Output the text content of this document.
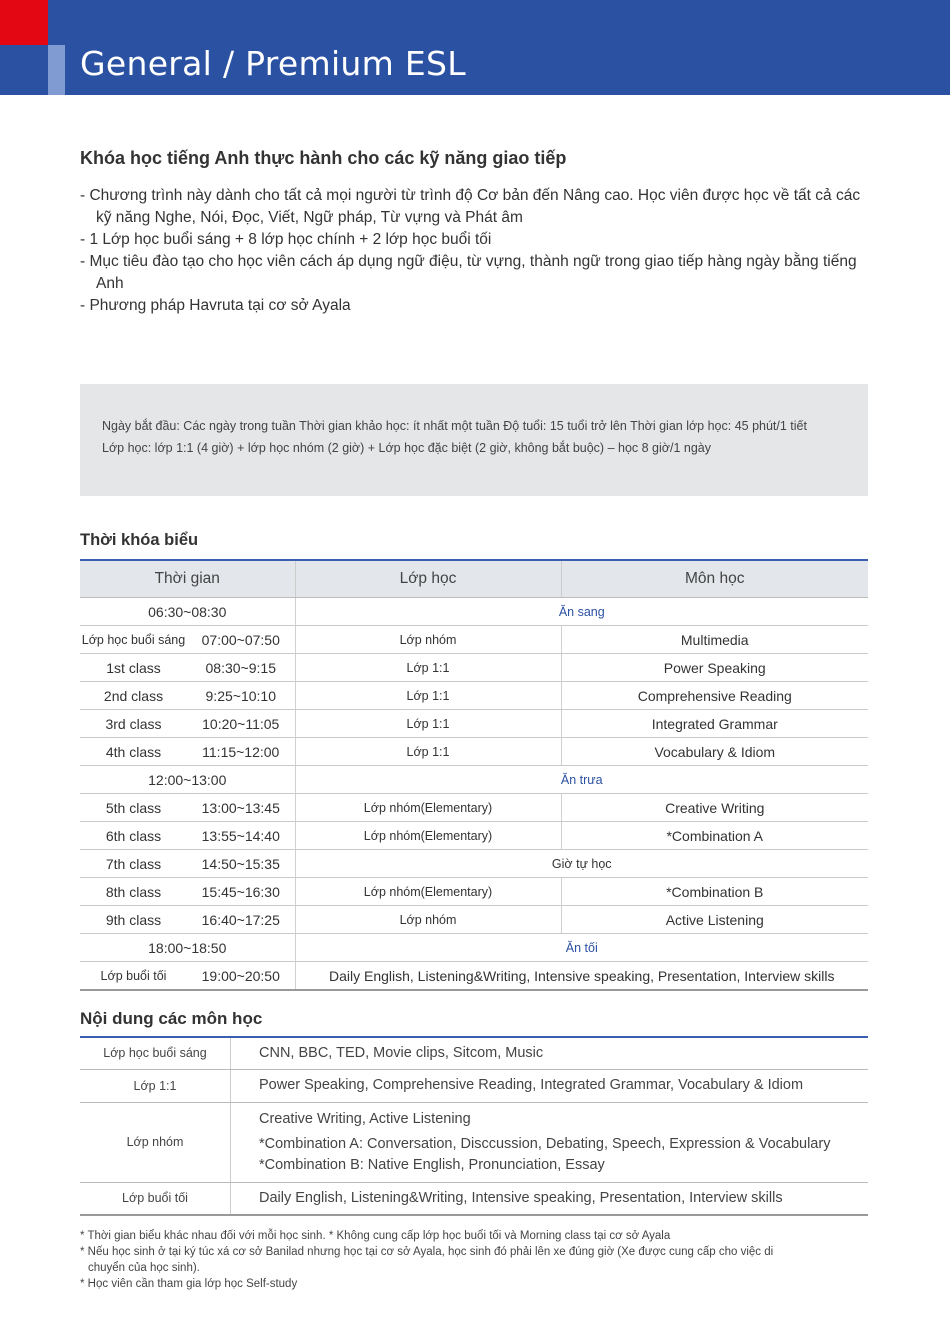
General / Premium ESL
Khóa học tiếng Anh thực hành cho các kỹ năng giao tiếp
- Chương trình này dành cho tất cả mọi người từ trình độ Cơ bản đến Nâng cao. Học viên được học về tất cả các kỹ năng Nghe, Nói, Đọc, Viết, Ngữ pháp, Từ vựng và Phát âm
- 1 Lớp học buổi sáng + 8 lớp học chính + 2 lớp học buổi tối
- Mục tiêu đào tạo cho học viên cách áp dụng ngữ điệu, từ vựng, thành ngữ trong giao tiếp hàng ngày bằng tiếng Anh
- Phương pháp Havruta tại cơ sở Ayala
Ngày bắt đầu: Các ngày trong tuần Thời gian khảo học: ít nhất một tuần Độ tuổi: 15 tuổi trở lên Thời gian lớp học: 45 phút/1 tiết
Lớp học: lớp 1:1 (4 giờ) + lớp học nhóm (2 giờ) + Lớp học đặc biệt (2 giờ, không bắt buộc) – học 8 giờ/1 ngày
Thời khóa biểu
Thời gian		Lớp học	Môn học
06:30~08:30		Ăn sang	
Lớp học buổi sáng	07:00~07:50	Lớp nhóm	Multimedia
1st class	08:30~9:15	Lớp 1:1	Power Speaking
2nd class	9:25~10:10	Lớp 1:1	Comprehensive Reading
3rd class	10:20~11:05	Lớp 1:1	Integrated Grammar
4th class	11:15~12:00	Lớp 1:1	Vocabulary & Idiom
12:00~13:00		Ăn trưa	
5th class	13:00~13:45	Lớp nhóm(Elementary)	Creative Writing
6th class	13:55~14:40	Lớp nhóm(Elementary)	*Combination A
7th class	14:50~15:35	Giờ tự học	
8th class	15:45~16:30	Lớp nhóm(Elementary)	*Combination B
9th class	16:40~17:25	Lớp nhóm	Active Listening
18:00~18:50		Ăn tối	
Lớp buổi tối	19:00~20:50	Daily English, Listening&Writing, Intensive speaking, Presentation, Interview skills	
Nội dung các môn học
Lớp học buổi sáng	CNN, BBC, TED, Movie clips, Sitcom, Music
Lớp 1:1	Power Speaking, Comprehensive Reading, Integrated Grammar, Vocabulary & Idiom
Lớp nhóm	Creative Writing, Active Listening
*Combination A: Conversation, Disccussion, Debating, Speech, Expression & Vocabulary
*Combination B: Native English, Pronunciation, Essay

Lớp buổi tối	Daily English, Listening&Writing, Intensive speaking, Presentation, Interview skills
* Thời gian biểu khác nhau đối với mỗi học sinh. * Không cung cấp lớp học buổi tối và Morning class tại cơ sở Ayala
* Nếu học sinh ở tại ký túc xá cơ sở Banilad nhưng học tại cơ sở Ayala, học sinh đó phải lên xe đúng giờ (Xe được cung cấp cho việc di chuyển của học sinh).
* Học viên cần tham gia lớp học Self-study
